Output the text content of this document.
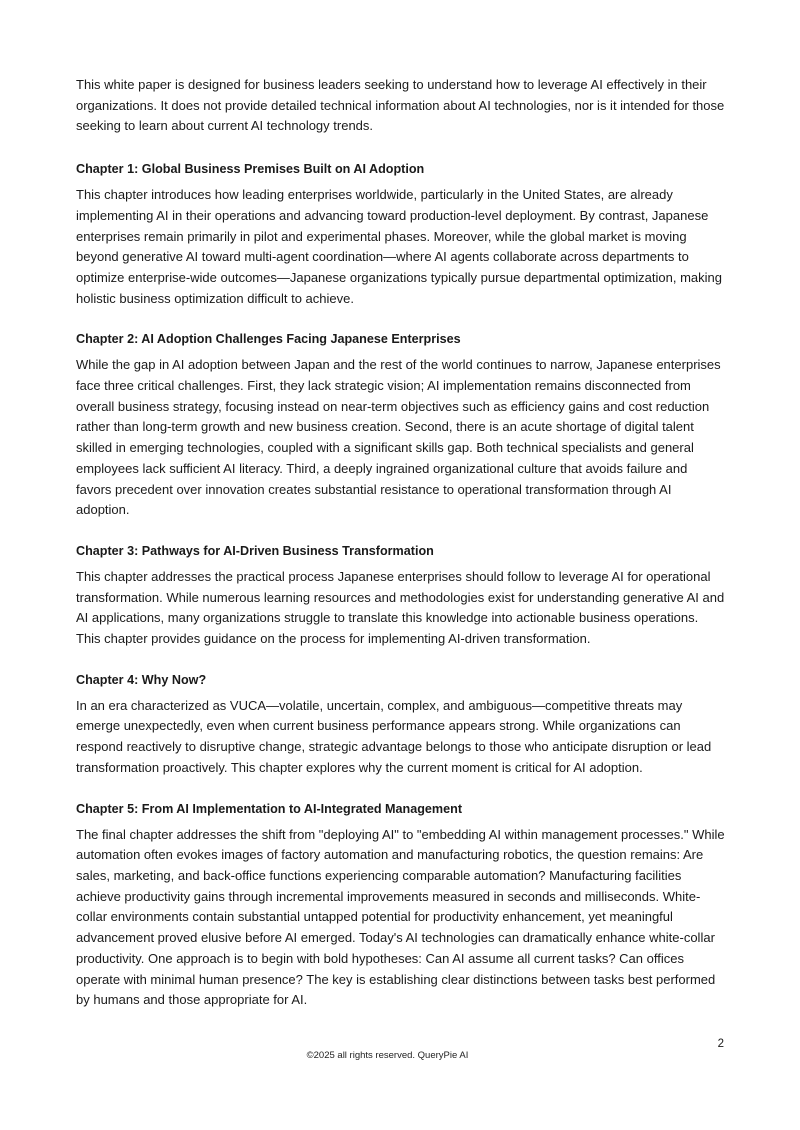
This white paper is designed for business leaders seeking to understand how to leverage AI effectively in their organizations. It does not provide detailed technical information about AI technologies, nor is it intended for those seeking to learn about current AI technology trends.

Chapter 1: Global Business Premises Built on AI Adoption

This chapter introduces how leading enterprises worldwide, particularly in the United States, are already implementing AI in their operations and advancing toward production-level deployment. By contrast, Japanese enterprises remain primarily in pilot and experimental phases. Moreover, while the global market is moving beyond generative AI toward multi-agent coordination—where AI agents collaborate across departments to optimize enterprise-wide outcomes—Japanese organizations typically pursue departmental optimization, making holistic business optimization difficult to achieve.

Chapter 2: AI Adoption Challenges Facing Japanese Enterprises

While the gap in AI adoption between Japan and the rest of the world continues to narrow, Japanese enterprises face three critical challenges. First, they lack strategic vision; AI implementation remains disconnected from overall business strategy, focusing instead on near-term objectives such as efficiency gains and cost reduction rather than long-term growth and new business creation. Second, there is an acute shortage of digital talent skilled in emerging technologies, coupled with a significant skills gap. Both technical specialists and general employees lack sufficient AI literacy. Third, a deeply ingrained organizational culture that avoids failure and favors precedent over innovation creates substantial resistance to operational transformation through AI adoption.

Chapter 3: Pathways for AI-Driven Business Transformation

This chapter addresses the practical process Japanese enterprises should follow to leverage AI for operational transformation. While numerous learning resources and methodologies exist for understanding generative AI and AI applications, many organizations struggle to translate this knowledge into actionable business operations. This chapter provides guidance on the process for implementing AI-driven transformation.

Chapter 4: Why Now?

In an era characterized as VUCA—volatile, uncertain, complex, and ambiguous—competitive threats may emerge unexpectedly, even when current business performance appears strong. While organizations can respond reactively to disruptive change, strategic advantage belongs to those who anticipate disruption or lead transformation proactively. This chapter explores why the current moment is critical for AI adoption.

Chapter 5: From AI Implementation to AI-Integrated Management

The final chapter addresses the shift from "deploying AI" to "embedding AI within management processes." While automation often evokes images of factory automation and manufacturing robotics, the question remains: Are sales, marketing, and back-office functions experiencing comparable automation? Manufacturing facilities achieve productivity gains through incremental improvements measured in seconds and milliseconds. White-collar environments contain substantial untapped potential for productivity enhancement, yet meaningful advancement proved elusive before AI emerged. Today's AI technologies can dramatically enhance white-collar productivity. One approach is to begin with bold hypotheses: Can AI assume all current tasks? Can offices operate with minimal human presence? The key is establishing clear distinctions between tasks best performed by humans and those appropriate for AI.

2
©2025 all rights reserved. QueryPie AI
